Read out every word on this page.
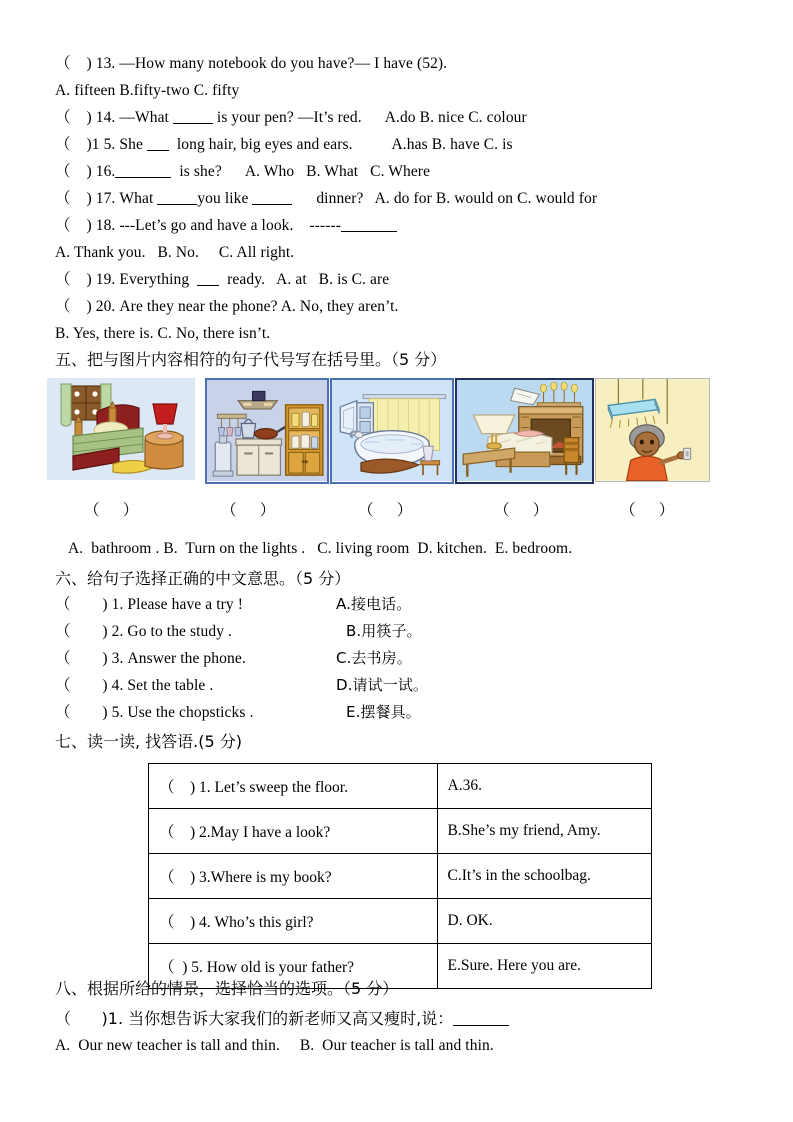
（    ) 13. —How many notebook do you have?— I have (52).
A. fifteen B.fifty-two C. fifty
（    ) 14. —What	is your pen? —It’s red.      A.do B. nice C. colour
（    )1 5. She   long hair, big eyes and ears.          A.has B. have C. is
（    ) 16.	is she?      A. Who   B. What   C. Where
（    ) 17. What	you like	dinner?   A. do for B. would on C. would for
（    ) 18. ---Let’s go and have a look.    ------
A. Thank you.   B. No.     C. All right.
（    ) 19. Everything    ready.   A. at   B. is C. are
（    ) 20. Are they near the phone? A. No, they aren’t.
B. Yes, there is. C. No, there isn’t.
五、把与图片内容相符的句子代号写在括号里。（5 分）
（      ）	（      ）	（      ）	（      ）	（      ）
A.  bathroom . B.  Turn on the lights .   C. living room  D. kitchen.  E. bedroom.
六、给句子选择正确的中文意思。（5 分）
（        ) 1. Please have a try !	A.接电话。
（        ) 2. Go to the study .	B.用筷子。
（        ) 3. Answer the phone.	C.去书房。
（        ) 4. Set the table .	D.请试一试。
（        ) 5. Use the chopsticks .	E.摆餐具。
七、读一读, 找答语.(5 分)
（    ) 1. Let’s sweep the floor.	A.36.
（    ) 2.May I have a look?	B.She’s my friend, Amy.
（    ) 3.Where is my book?	C.It’s in the schoolbag.
（    ) 4. Who’s this girl?	D. OK.
（  ) 5. How old is your father?	E.Sure. Here you are.
八、根据所给的情景，选择恰当的选项。（5 分）
（      )1. 当你想告诉大家我们的新老师又高又瘦时,说：
A.  Our new teacher is tall and thin.     B.  Our teacher is tall and thin.
